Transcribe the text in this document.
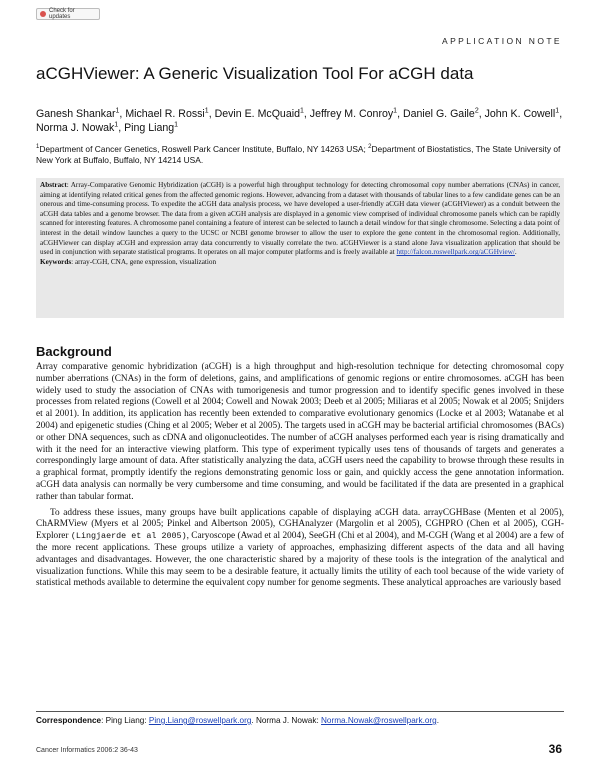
Check for updates
APPLICATION NOTE
aCGHViewer: A Generic Visualization Tool For aCGH data
Ganesh Shankar$^1$, Michael R. Rossi$^1$, Devin E. McQuaid$^1$, Jeffrey M. Conroy$^1$, Daniel G. Gaile$^2$, John K. Cowell$^1$, Norma J. Nowak$^1$, Ping Liang$^1$
$^1$Department of Cancer Genetics, Roswell Park Cancer Institute, Buffalo, NY 14263 USA; $^2$Department of Biostatistics, The State University of New York at Buffalo, Buffalo, NY 14214 USA.
Abstract: Array-Comparative Genomic Hybridization (aCGH) is a powerful high throughput technology for detecting chromosomal copy number aberrations (CNAs) in cancer, aiming at identifying related critical genes from the affected genomic regions. However, advancing from a dataset with thousands of tabular lines to a few candidate genes can be an onerous and time-consuming process. To expedite the aCGH data analysis process, we have developed a user-friendly aCGH data viewer (aCGHViewer) as a conduit between the aCGH data tables and a genome browser. The data from a given aCGH analysis are displayed in a genomic view comprised of individual chromosome panels which can be rapidly scanned for interesting features. A chromosome panel containing a feature of interest can be selected to launch a detail window for that single chromosome. Selecting a data point of interest in the detail window launches a query to the UCSC or NCBI genome browser to allow the user to explore the gene content in the chromosomal region. Additionally, aCGHViewer can display aCGH and expression array data concurrently to visually correlate the two. aCGHViewer is a stand alone Java visualization application that should be used in conjunction with separate statistical programs. It operates on all major computer platforms and is freely available at http://falcon.roswellpark.org/aCGHview/.
Keywords: array-CGH, CNA, gene expression, visualization
Background

Array comparative genomic hybridization (aCGH) is a high throughput and high-resolution technique for detecting chromosomal copy number aberrations (CNAs) in the form of deletions, gains, and amplifications of genomic regions or entire chromosomes. aCGH has been widely used to study the association of CNAs with tumorigenesis and tumor progression and to identify specific genes involved in these processes from related regions (Cowell et al 2004; Cowell and Nowak 2003; Deeb et al 2005; Miliaras et al 2005; Nowak et al 2005; Snijders et al 2001). In addition, its application has recently been extended to comparative evolutionary genomics (Locke et al 2003; Watanabe et al 2004) and epigenetic studies (Ching et al 2005; Weber et al 2005). The targets used in aCGH may be bacterial artificial chromosomes (BACs) or other DNA sequences, such as cDNA and oligonucleotides. The number of aCGH analyses performed each year is rising dramatically and with it the need for an interactive viewing platform. This type of experiment typically uses tens of thousands of targets and generates a correspondingly large amount of data. After statistically analyzing the data, aCGH users need the capability to browse through these results in a graphical format, promptly identify the regions demonstrating genomic loss or gain, and quickly access the gene annotation information. aCGH data analysis can normally be very cumbersome and time consuming, and would be facilitated if the data are presented in a graphical rather than tabular format.

To address these issues, many groups have built applications capable of displaying aCGH data. arrayCGHBase (Menten et al 2005), ChARMView (Myers et al 2005; Pinkel and Albertson 2005), CGHAnalyzer (Margolin et al 2005), CGHPRO (Chen et al 2005), CGH-Explorer (Lingjaerde et al 2005), Caryoscope (Awad et al 2004), SeeGH (Chi et al 2004), and M-CGH (Wang et al 2004) are a few of the more recent applications. These groups utilize a variety of approaches, emphasizing different aspects of the data and all having advantages and disadvantages. However, the one characteristic shared by a majority of these tools is the integration of the analytical and visualization functions. While this may seem to be a desirable feature, it actually limits the utility of each tool because of the wide variety of statistical methods available to determine the equivalent copy number for genome segments. These analytical approaches are variously based

Correspondence: Ping Liang: Ping.Liang@roswellpark.org. Norma J. Nowak: Norma.Nowak@roswellpark.org.
Cancer Informatics 2006:2 36-43	36
